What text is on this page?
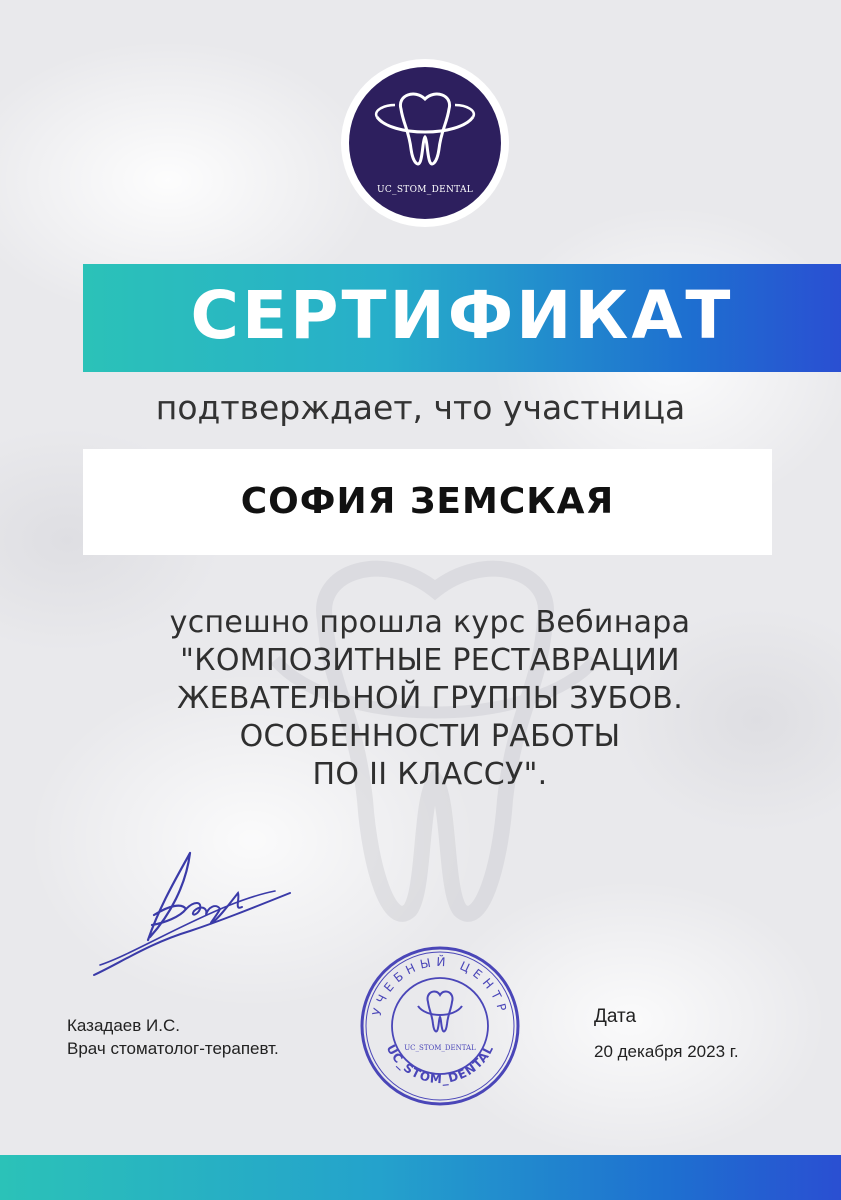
UC_STOM_DENTAL
СЕРТИФИКАТ
подтверждает, что участница
СОФИЯ ЗЕМСКАЯ
успешно прошла курс Вебинара
"КОМПОЗИТНЫЕ РЕСТАВРАЦИИ
ЖЕВАТЕЛЬНОЙ ГРУППЫ ЗУБОВ.
ОСОБЕННОСТИ РАБОТЫ
ПО II КЛАССУ".
Казадаев И.С.
Врач стоматолог-терапевт.
УЧЕБНЫЙ ЦЕНТР
UC_STOM_DENTAL
UC_STOM_DENTAL
Дата
20 декабря 2023 г.
